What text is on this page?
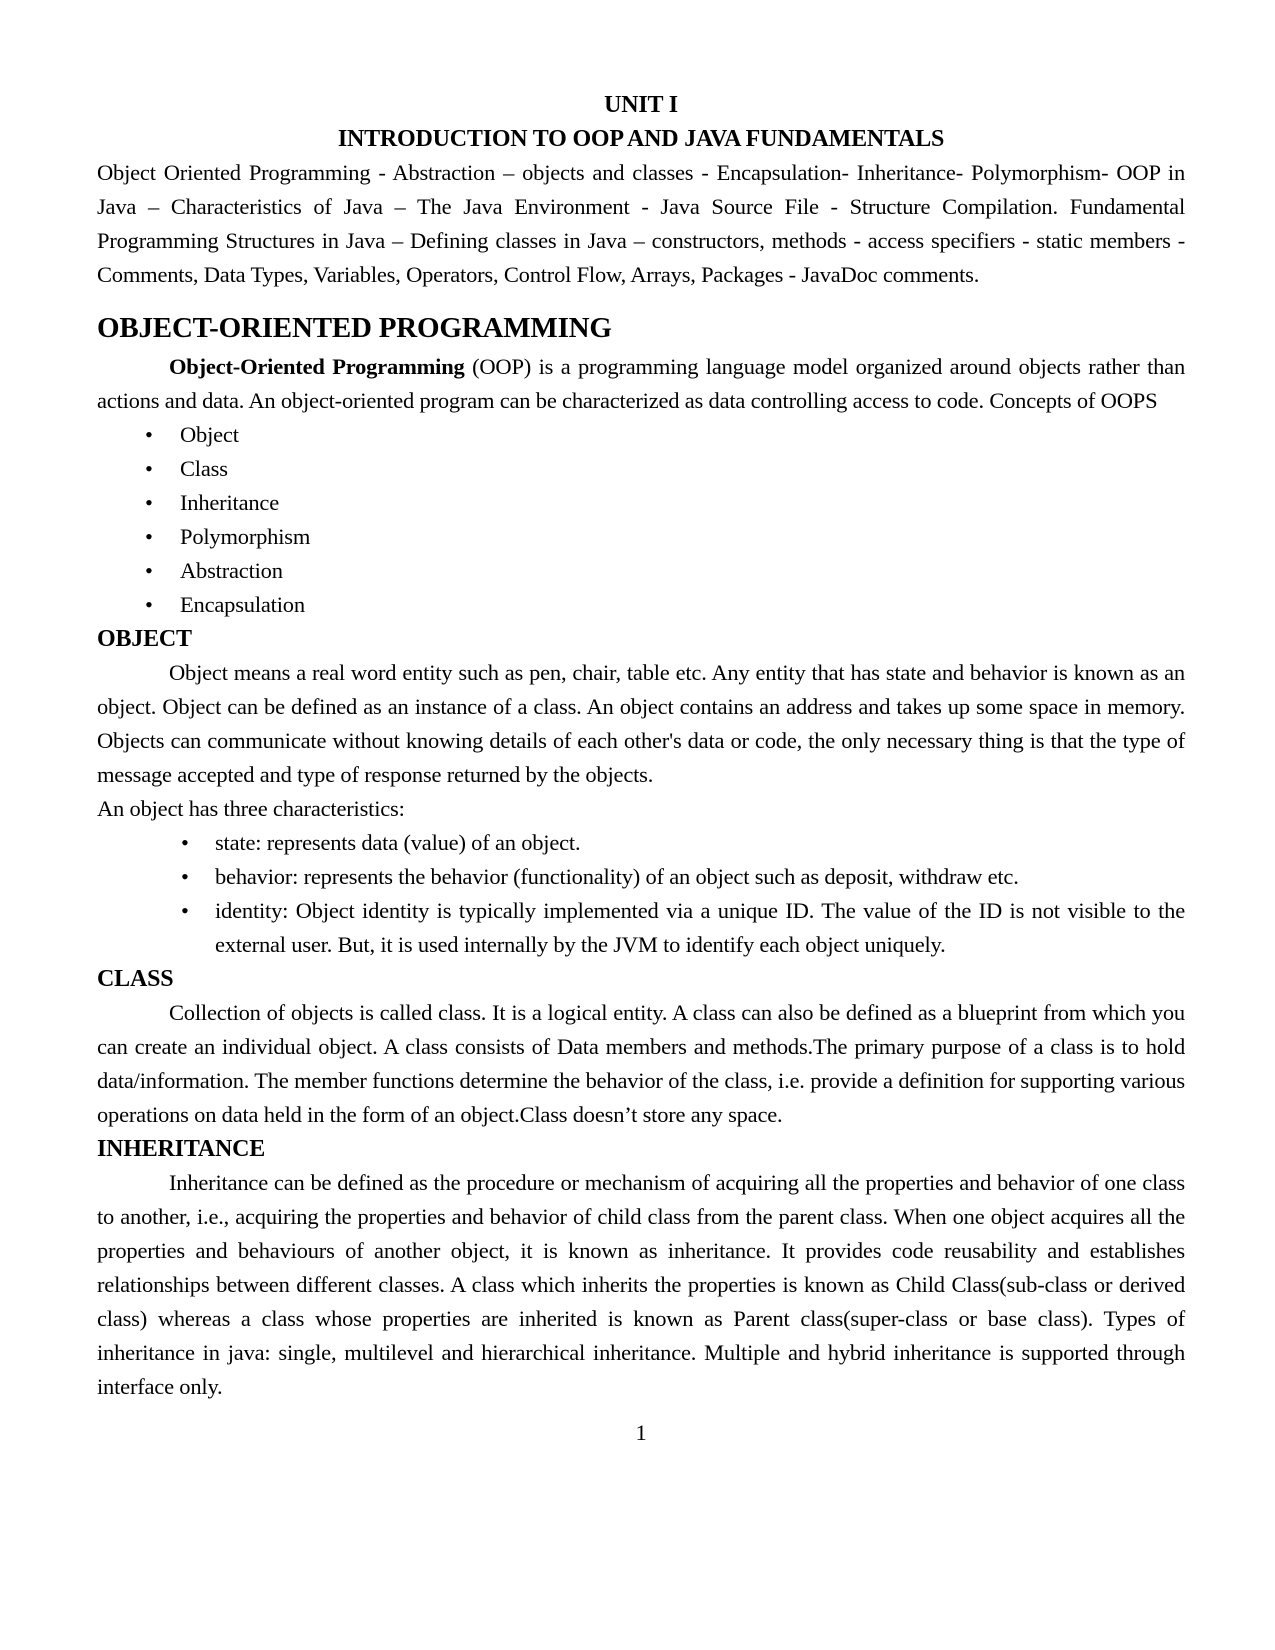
UNIT I
INTRODUCTION TO OOP AND JAVA FUNDAMENTALS

Object Oriented Programming - Abstraction – objects and classes - Encapsulation- Inheritance- Polymorphism- OOP in Java – Characteristics of Java – The Java Environment - Java Source File - Structure Compilation. Fundamental Programming Structures in Java – Defining classes in Java – constructors, methods - access specifiers - static members - Comments, Data Types, Variables, Operators, Control Flow, Arrays, Packages - JavaDoc comments.

OBJECT-ORIENTED PROGRAMMING

Object-Oriented Programming (OOP) is a programming language model organized around objects rather than actions and data. An object-oriented program can be characterized as data controlling access to code. Concepts of OOPS

• Object
• Class
• Inheritance
• Polymorphism
• Abstraction
• Encapsulation
OBJECT

Object means a real word entity such as pen, chair, table etc. Any entity that has state and behavior is known as an object. Object can be defined as an instance of a class. An object contains an address and takes up some space in memory. Objects can communicate without knowing details of each other's data or code, the only necessary thing is that the type of message accepted and type of response returned by the objects.

An object has three characteristics:
• state: represents data (value) of an object.
• behavior: represents the behavior (functionality) of an object such as deposit, withdraw etc.
• identity: Object identity is typically implemented via a unique ID. The value of the ID is not visible to the external user. But, it is used internally by the JVM to identify each object uniquely.
CLASS

Collection of objects is called class. It is a logical entity. A class can also be defined as a blueprint from which you can create an individual object. A class consists of Data members and methods.The primary purpose of a class is to hold data/information. The member functions determine the behavior of the class, i.e. provide a definition for supporting various operations on data held in the form of an object.Class doesn’t store any space.

INHERITANCE

Inheritance can be defined as the procedure or mechanism of acquiring all the properties and behavior of one class to another, i.e., acquiring the properties and behavior of child class from the parent class. When one object acquires all the properties and behaviours of another object, it is known as inheritance. It provides code reusability and establishes relationships between different classes. A class which inherits the properties is known as Child Class(sub-class or derived class) whereas a class whose properties are inherited is known as Parent class(super-class or base class). Types of inheritance in java: single, multilevel and hierarchical inheritance. Multiple and hybrid inheritance is supported through interface only.

1
